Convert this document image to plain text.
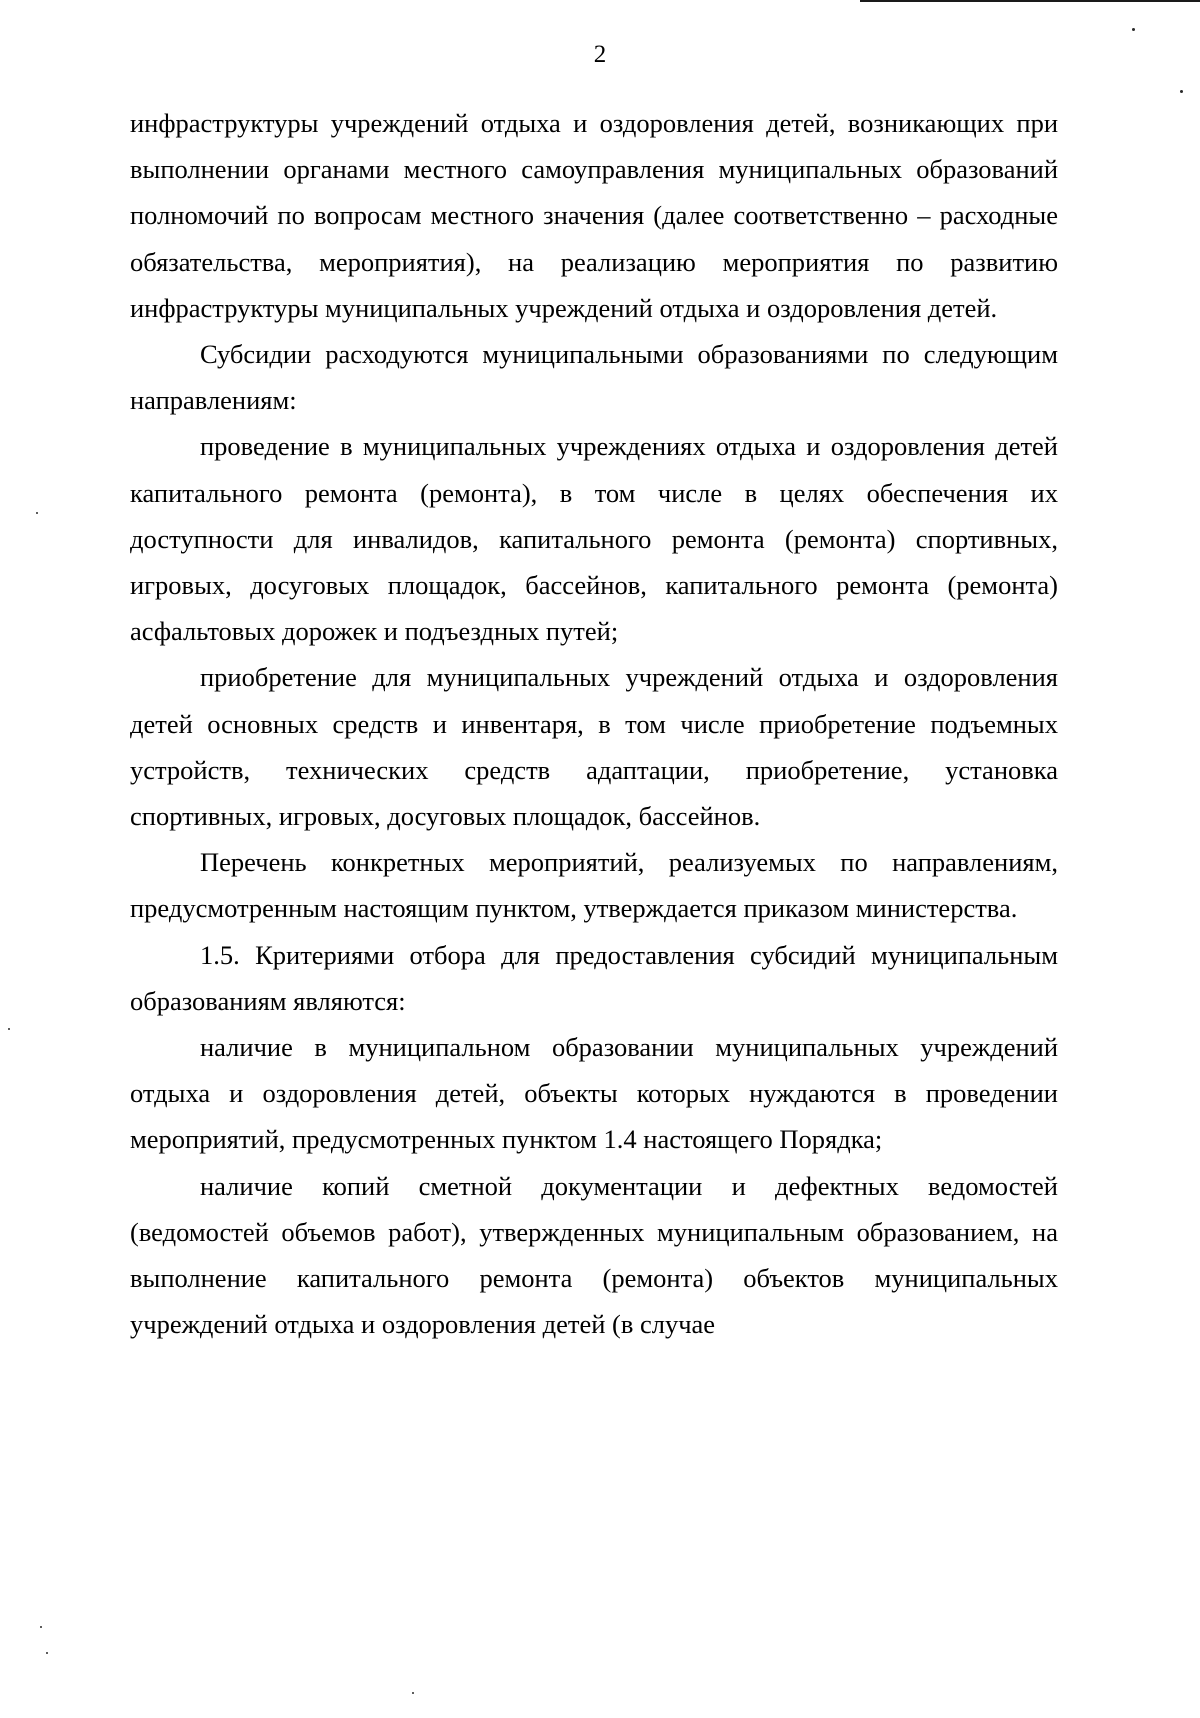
2

инфраструктуры учреждений отдыха и оздоровления детей, возникающих при выполнении органами местного самоуправления муниципальных образований полномочий по вопросам местного значения (далее соответственно – расходные обязательства, мероприятия), на реализацию мероприятия по развитию инфраструктуры муниципальных учреждений отдыха и оздоровления детей.

Субсидии расходуются муниципальными образованиями по следующим направлениям:

проведение в муниципальных учреждениях отдыха и оздоровления детей капитального ремонта (ремонта), в том числе в целях обеспечения их доступности для инвалидов, капитального ремонта (ремонта) спортивных, игровых, досуговых площадок, бассейнов, капитального ремонта (ремонта) асфальтовых дорожек и подъездных путей;

приобретение для муниципальных учреждений отдыха и оздоровления детей основных средств и инвентаря, в том числе приобретение подъемных устройств, технических средств адаптации, приобретение, установка спортивных, игровых, досуговых площадок, бассейнов.

Перечень конкретных мероприятий, реализуемых по направлениям, предусмотренным настоящим пунктом, утверждается приказом министерства.

1.5. Критериями отбора для предоставления субсидий муниципальным образованиям являются:

наличие в муниципальном образовании муниципальных учреждений отдыха и оздоровления детей, объекты которых нуждаются в проведении мероприятий, предусмотренных пунктом 1.4 настоящего Порядка;

наличие копий сметной документации и дефектных ведомостей (ведомостей объемов работ), утвержденных муниципальным образованием, на выполнение капитального ремонта (ремонта) объектов муниципальных учреждений отдыха и оздоровления детей (в случае
